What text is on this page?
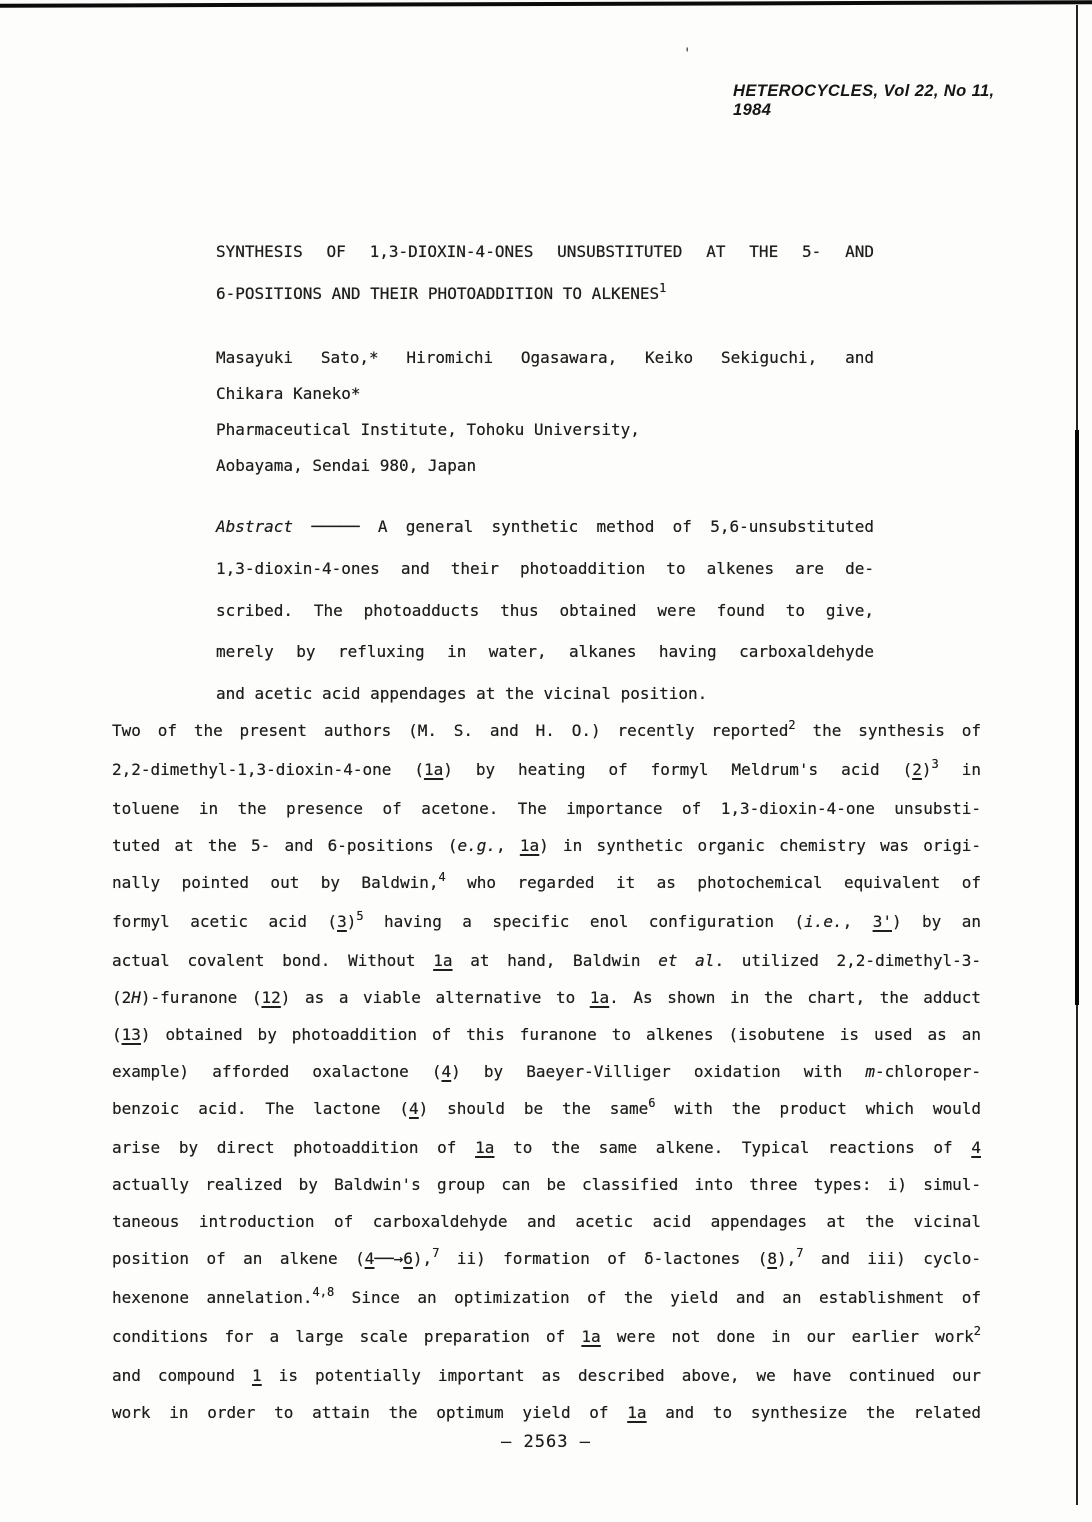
'
HETEROCYCLES, Vol 22, No 11, 1984
SYNTHESIS OF 1,3-DIOXIN-4-ONES UNSUBSTITUTED AT THE 5- AND
6-POSITIONS AND THEIR PHOTOADDITION TO ALKENES$^1$
Masayuki Sato,* Hiromichi Ogasawara, Keiko Sekiguchi, and
Chikara Kaneko*
Pharmaceutical Institute, Tohoku University,
Aobayama, Sendai 980, Japan
Abstract ───── A general synthetic method of 5,6-unsubstituted
1,3-dioxin-4-ones and their photoaddition to alkenes are de-
scribed. The photoadducts thus obtained were found to give,
merely by refluxing in water, alkanes having carboxaldehyde
and acetic acid appendages at the vicinal position.
Two of the present authors (M. S. and H. O.) recently reported$^2$ the synthesis of
2,2-dimethyl-1,3-dioxin-4-one (1a) by heating of formyl Meldrum's acid $(2)^3$ in
toluene in the presence of acetone. The importance of 1,3-dioxin-4-one unsubsti-
tuted at the 5- and 6-positions (e.g., 1a) in synthetic organic chemistry was origi-
nally pointed out by Baldwin,$^4$ who regarded it as photochemical equivalent of
formyl acetic acid $(3)^5$ having a specific enol configuration (i.e., 3') by an
actual covalent bond. Without 1a at hand, Baldwin et al. utilized 2,2-dimethyl-3-
(2H)-furanone (12) as a viable alternative to 1a. As shown in the chart, the adduct
(13) obtained by photoaddition of this furanone to alkenes (isobutene is used as an
example) afforded oxalactone (4) by Baeyer-Villiger oxidation with m-chloroper-
benzoic acid. The lactone (4) should be the same$^6$ with the product which would
arise by direct photoaddition of 1a to the same alkene. Typical reactions of 4
actually realized by Baldwin's group can be classified into three types: i) simul-
taneous introduction of carboxaldehyde and acetic acid appendages at the vicinal
position of an alkene (4──→6),$^7$ ii) formation of δ-lactones (8),$^7$ and iii) cyclo-
hexenone annelation.$^{4,8}$ Since an optimization of the yield and an establishment of
conditions for a large scale preparation of 1a were not done in our earlier work$^2$
and compound 1 is potentially important as described above, we have continued our
work in order to attain the optimum yield of 1a and to synthesize the related
— 2563 —
